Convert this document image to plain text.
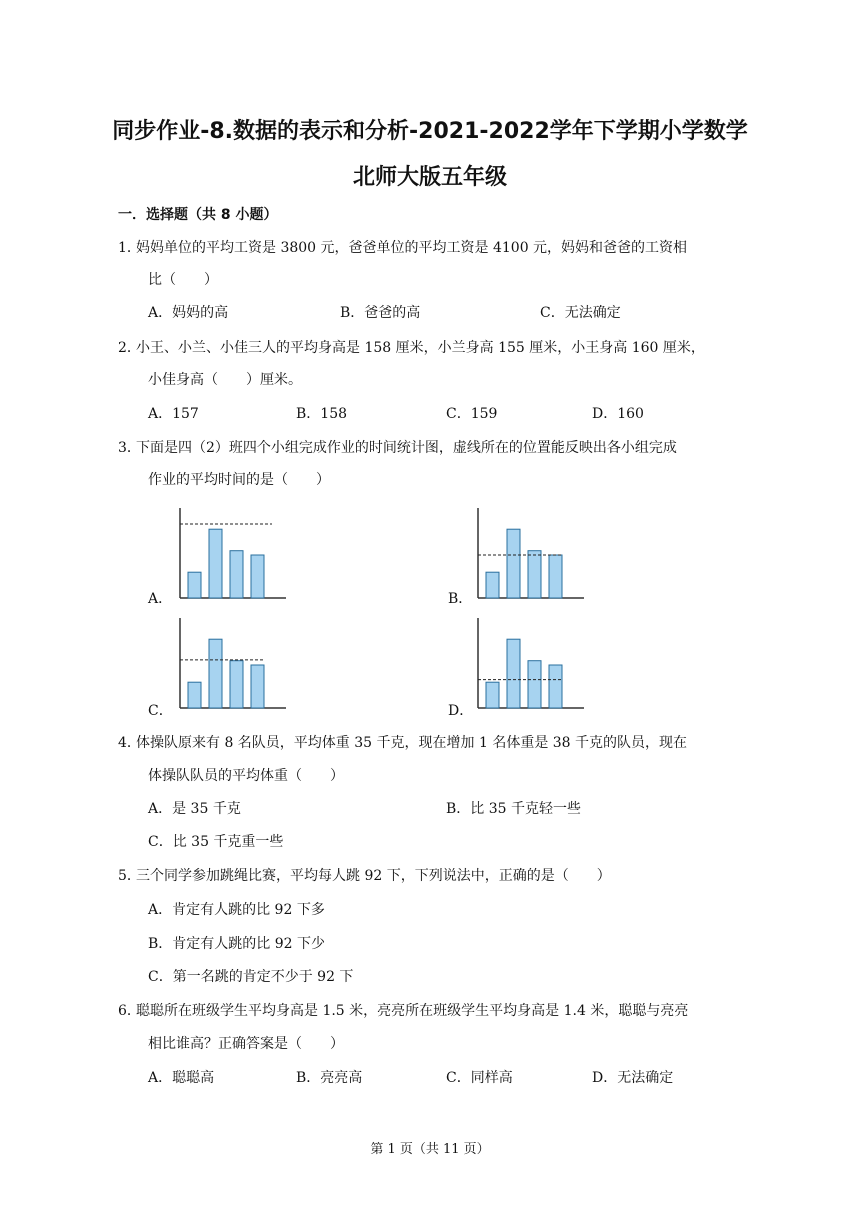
同步作业-8.数据的表示和分析-2021-2022学年下学期小学数学
北师大版五年级
一．选择题（共 8 小题）
1．
妈妈单位的平均工资是 3800 元，爸爸单位的平均工资是 4100 元，妈妈和爸爸的工资相
比（　　）
A．妈妈的高	B．爸爸的高	C．无法确定
2．
小王、小兰、小佳三人的平均身高是 158 厘米，小兰身高 155 厘米，小王身高 160 厘米，
小佳身高（　　）厘米。
A．157	B．158	C．159	D．160
3．
下面是四（2）班四个小组完成作业的时间统计图，虚线所在的位置能反映出各小组完成
作业的平均时间的是（　　）
A．	B．
C．	D．
4．
体操队原来有 8 名队员，平均体重 35 千克，现在增加 1 名体重是 38 千克的队员，现在
体操队队员的平均体重（　　）
A．是 35 千克	B．比 35 千克轻一些
C．比 35 千克重一些
5．
三个同学参加跳绳比赛，平均每人跳 92 下，下列说法中，正确的是（　　）
A．肯定有人跳的比 92 下多
B．肯定有人跳的比 92 下少
C．第一名跳的肯定不少于 92 下
6．
聪聪所在班级学生平均身高是 1.5 米，亮亮所在班级学生平均身高是 1.4 米，聪聪与亮亮
相比谁高？正确答案是（　　）
A．聪聪高	B．亮亮高	C．同样高	D．无法确定
第 1 页（共 11 页）
